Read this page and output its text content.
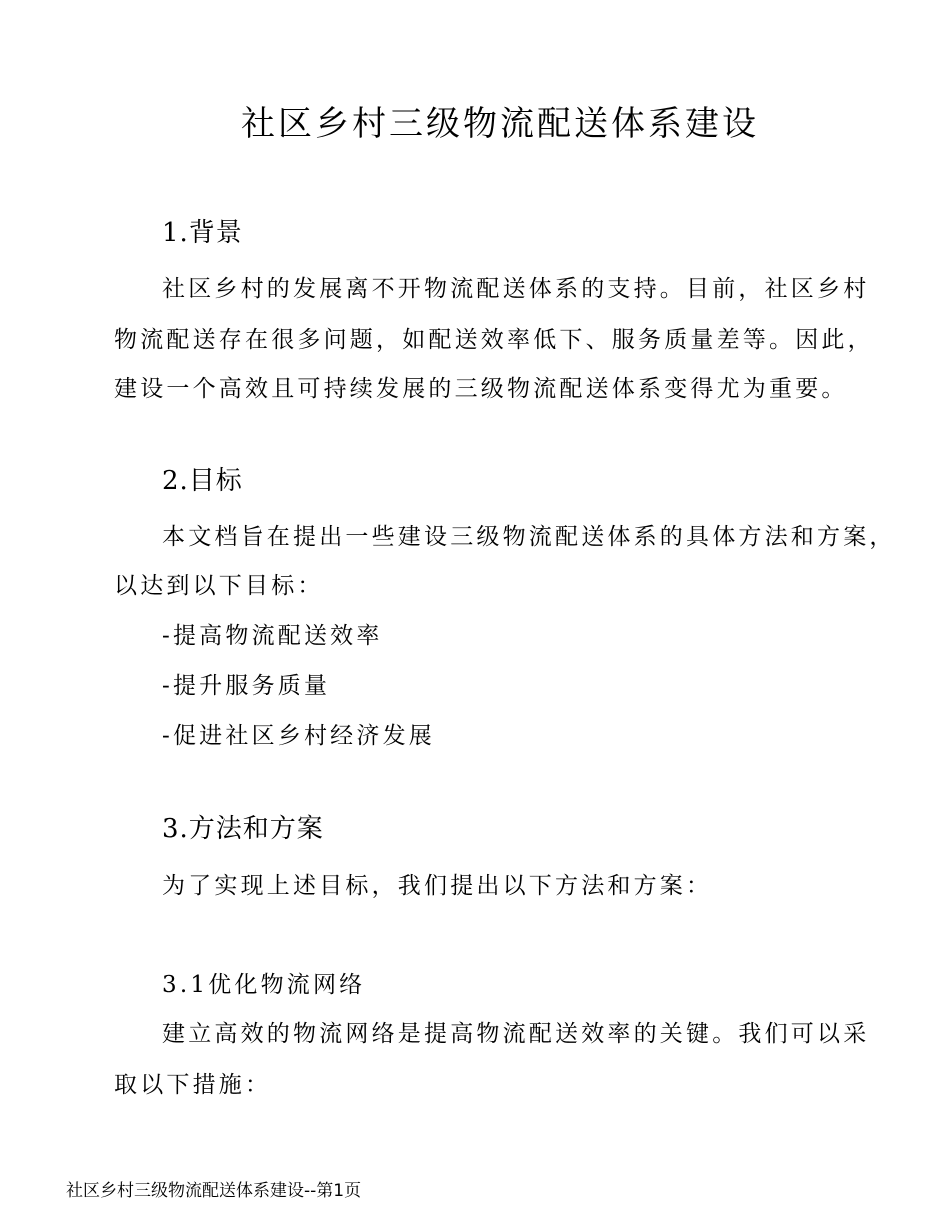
社区乡村三级物流配送体系建设
1.背景
社区乡村的发展离不开物流配送体系的支持。目前，社区乡村
物流配送存在很多问题，如配送效率低下、服务质量差等。因此，
建设一个高效且可持续发展的三级物流配送体系变得尤为重要。
2.目标
本文档旨在提出一些建设三级物流配送体系的具体方法和方案，
以达到以下目标：
-提高物流配送效率
-提升服务质量
-促进社区乡村经济发展
3.方法和方案
为了实现上述目标，我们提出以下方法和方案：
3.1优化物流网络
建立高效的物流网络是提高物流配送效率的关键。我们可以采
取以下措施：
社区乡村三级物流配送体系建设--第1页
